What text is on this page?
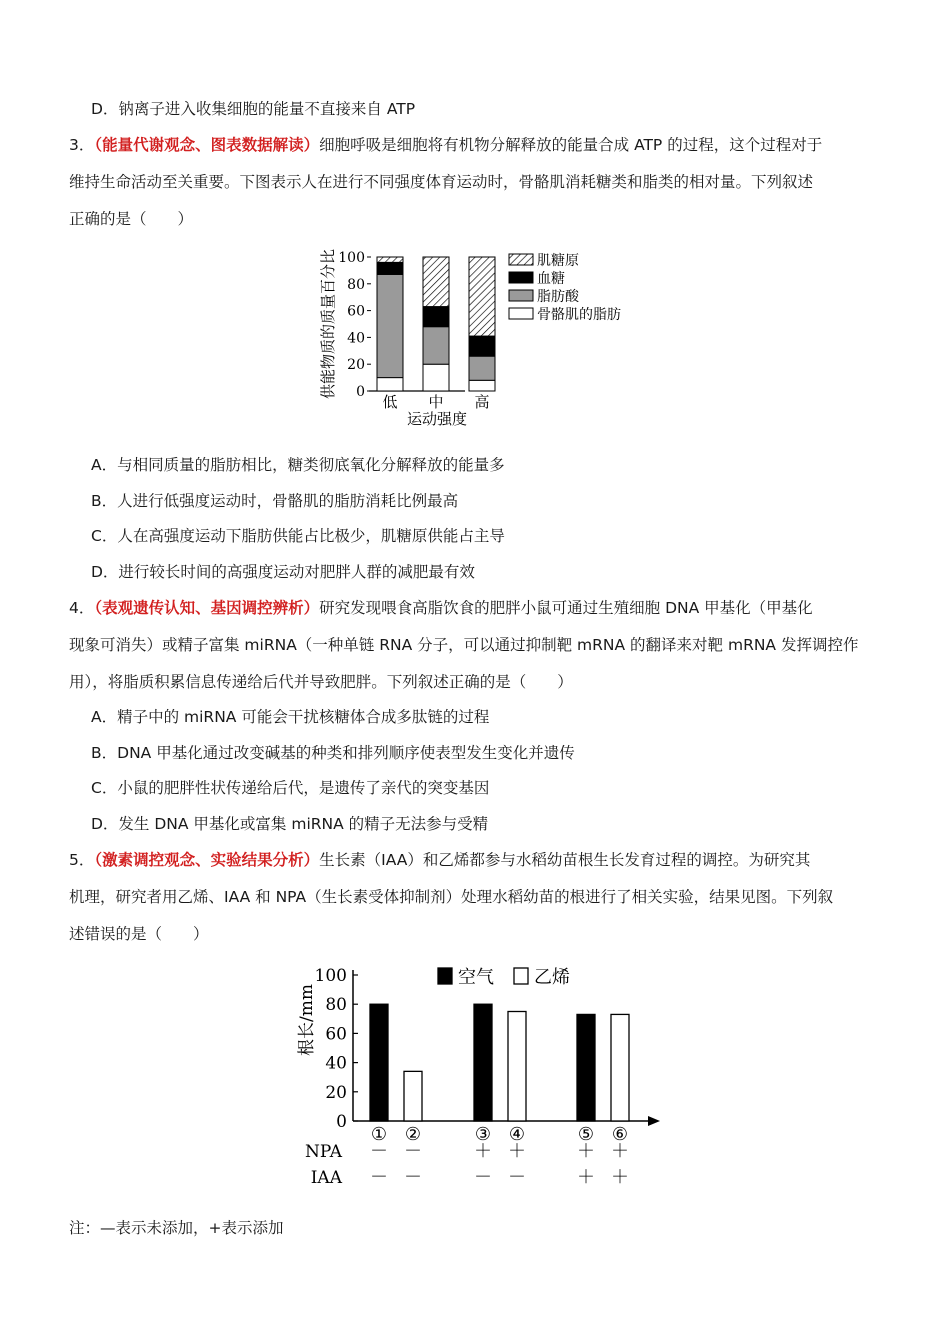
D．钠离子进入收集细胞的能量不直接来自 ATP
3．（能量代谢观念、图表数据解读）细胞呼吸是细胞将有机物分解释放的能量合成 ATP 的过程，这个过程对于
维持生命活动至关重要。下图表示人在进行不同强度体育运动时，骨骼肌消耗糖类和脂类的相对量。下列叙述
正确的是（　　）
供能物质的质量百分比 0
20
40
60
80
100
低 中 高
运动强度
肌糖原
血糖
脂肪酸
骨骼肌的脂肪
A．与相同质量的脂肪相比，糖类彻底氧化分解释放的能量多
B．人进行低强度运动时，骨骼肌的脂肪消耗比例最高
C．人在高强度运动下脂肪供能占比极少，肌糖原供能占主导
D．进行较长时间的高强度运动对肥胖人群的减肥最有效
4．（表观遗传认知、基因调控辨析）研究发现喂食高脂饮食的肥胖小鼠可通过生殖细胞 DNA 甲基化（甲基化
现象可消失）或精子富集 miRNA（一种单链 RNA 分子，可以通过抑制靶 mRNA 的翻译来对靶 mRNA 发挥调控作
用），将脂质积累信息传递给后代并导致肥胖。下列叙述正确的是（　　）
A．精子中的 miRNA 可能会干扰核糖体合成多肽链的过程
B．DNA 甲基化通过改变碱基的种类和排列顺序使表型发生变化并遗传
C．小鼠的肥胖性状传递给后代，是遗传了亲代的突变基因
D．发生 DNA 甲基化或富集 miRNA 的精子无法参与受精
5．（激素调控观念、实验结果分析）生长素（IAA）和乙烯都参与水稻幼苗根生长发育过程的调控。为研究其
机理，研究者用乙烯、IAA 和 NPA（生长素受体抑制剂）处理水稻幼苗的根进行了相关实验，结果见图。下列叙
述错误的是（　　）
根长/mm
0
20
40
60
80
100
① ②	③ ④	⑤ ⑥
NPA － －	＋ ＋	＋ ＋
IAA － －	－ －	＋ ＋
空气 乙烯
注：—表示未添加，+表示添加
